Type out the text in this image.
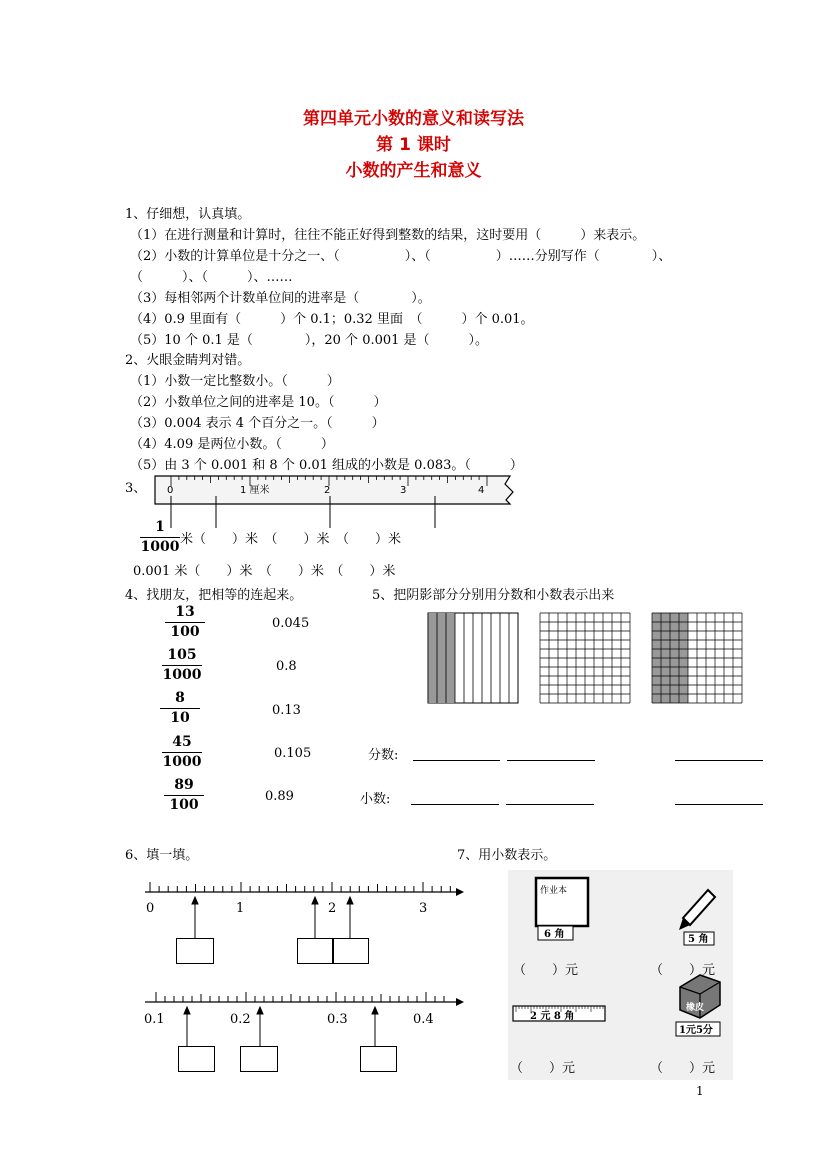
第四单元小数的意义和读写法
第 1 课时
小数的产生和意义
1、仔细想，认真填。
（1）在进行测量和计算时，往往不能正好得到整数的结果，这时要用（　　　）来表示。
（2）小数的计算单位是十分之一、（　　　　　）、（　　　　　）……分别写作（　　　　）、
（　　　）、（　　　）、……
（3）每相邻两个计数单位间的进率是（　　　　）。
（4）0.9 里面有（　　　）个 0.1；0.32 里面　（　　　）个 0.01。
（5）10 个 0.1 是（　　　　），20 个 0.001 是（　　　）。
2、火眼金睛判对错。
（1）小数一定比整数小。（　　　）
（2）小数单位之间的进率是 10。（　　　）
（3）0.004 表示 4 个百分之一。（　　　）
（4）4.09 是两位小数。（　　　）
（5）由 3 个 0.001 和 8 个 0.01 组成的小数是 0.083。（　　　）
3、 0	1 厘米	2	3	4
$\frac{1}{1000}$ 米（　　）米　（　　）米　（　　）米
0.001 米（　　）米　（　　）米　（　　）米
4、找朋友，把相等的连起来。
$\frac{13}{100}$
$\frac{105}{1000}$
$\frac{8}{10}$
$\frac{45}{1000}$
$\frac{89}{100}$
0.045
0.8
0.13
0.105
0.89
5、把阴影部分分别用分数和小数表示出来
分数:
小数:
6、填一填。
0	1	2	3
0.1	0.2	0.3	0.4
7、用小数表示。
作业本
6 角	5 角
2 元 8 角
橡皮
1元5分
（　　）元	（　　）元
（　　）元	（　　）元
1
